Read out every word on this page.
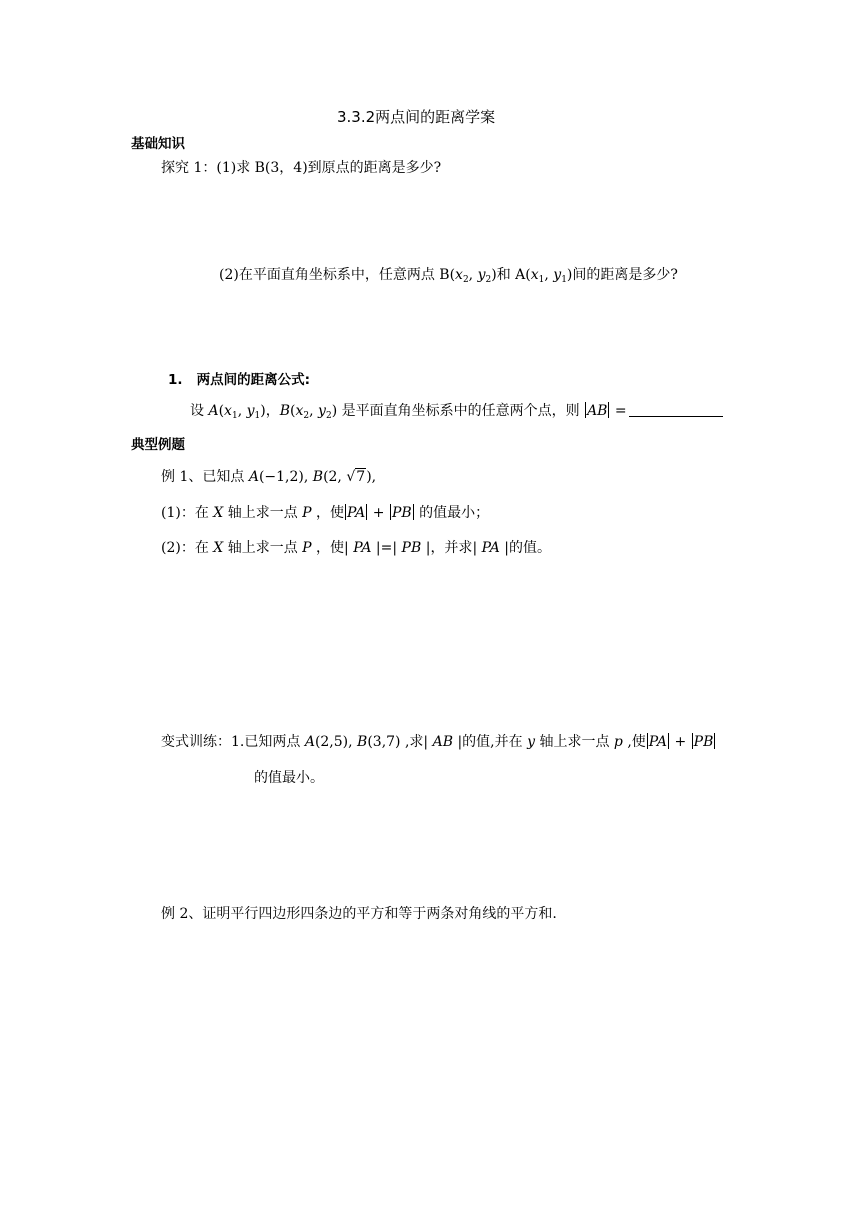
3.3.2两点间的距离学案
基础知识
探究 1：(1)求 B(3，4)到原点的距离是多少?
(2)在平面直角坐标系中，任意两点 $B(x_2$, $y_2$)和 $A(x_1$, $y_1$)间的距离是多少?
1. 两点间的距离公式:
设 $A(x_1$, $y_1$)，$B(x_2$, $y_2$) 是平面直角坐标系中的任意两个点，则 AB =
典型例题
例 1、已知点 A(−1,2), B(2, √7),
(1)：在 X 轴上求一点 P ，使 PA + PB 的值最小；
(2)：在 X 轴上求一点 P ，使| PA |=| PB |，并求| PA |的值。
变式训练：1.已知两点 A(2,5), B(3,7) ,求| AB |的值,并在 y 轴上求一点 p ,使 PA + PB
的值最小。
例 2、证明平行四边形四条边的平方和等于两条对角线的平方和.
